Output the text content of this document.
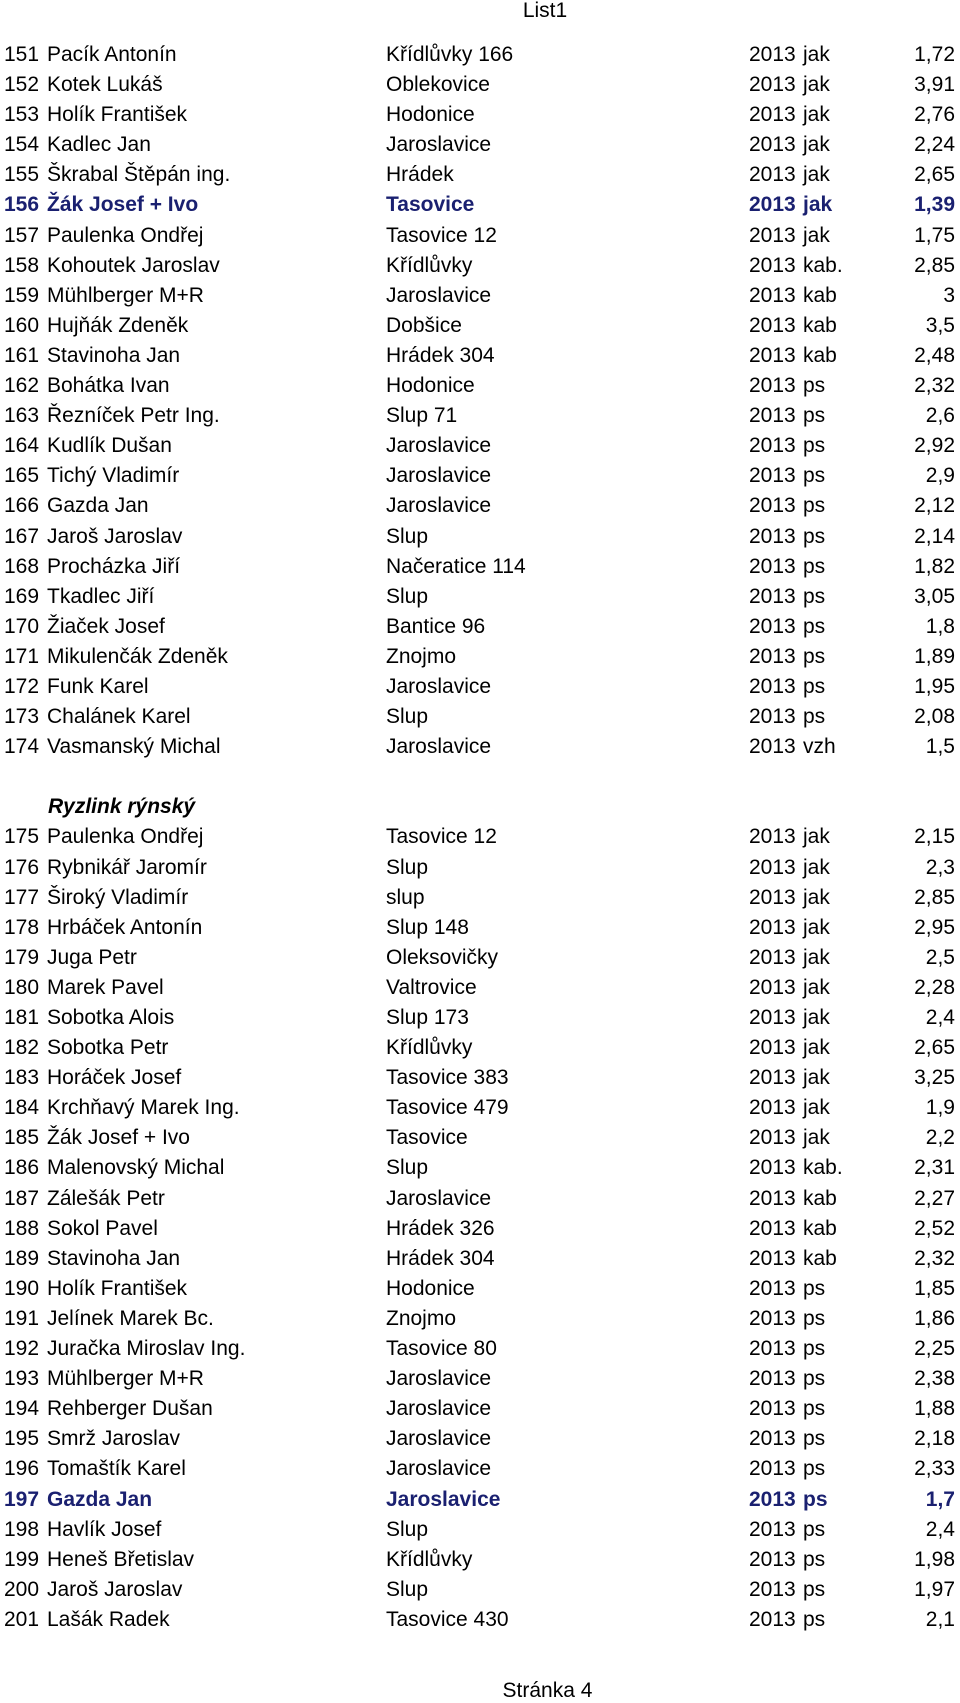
List1
151 Pacík Antonín	Křídlůvky 166	2013 jak	1,72
152 Kotek Lukáš	Oblekovice	2013 jak	3,91
153 Holík František	Hodonice	2013 jak	2,76
154 Kadlec Jan	Jaroslavice	2013 jak	2,24
155 Škrabal Štěpán ing.	Hrádek	2013 jak	2,65
156 Žák Josef + Ivo	Tasovice	2013 jak	1,39
157 Paulenka Ondřej	Tasovice 12	2013 jak	1,75
158 Kohoutek Jaroslav	Křídlůvky	2013 kab.	2,85
159 Mühlberger M+R	Jaroslavice	2013 kab	3
160 Hujňák Zdeněk	Dobšice	2013 kab	3,5
161 Stavinoha Jan	Hrádek 304	2013 kab	2,48
162 Bohátka Ivan	Hodonice	2013 ps	2,32
163 Řezníček Petr Ing.	Slup 71	2013 ps	2,6
164 Kudlík Dušan	Jaroslavice	2013 ps	2,92
165 Tichý Vladimír	Jaroslavice	2013 ps	2,9
166 Gazda Jan	Jaroslavice	2013 ps	2,12
167 Jaroš Jaroslav	Slup	2013 ps	2,14
168 Procházka Jiří	Načeratice 114	2013 ps	1,82
169 Tkadlec Jiří	Slup	2013 ps	3,05
170 Žiaček Josef	Bantice 96	2013 ps	1,8
171 Mikulenčák Zdeněk	Znojmo	2013 ps	1,89
172 Funk Karel	Jaroslavice	2013 ps	1,95
173 Chalánek Karel	Slup	2013 ps	2,08
174 Vasmanský Michal	Jaroslavice	2013 vzh	1,5
Ryzlink rýnský
175 Paulenka Ondřej	Tasovice 12	2013 jak	2,15
176 Rybnikář Jaromír	Slup	2013 jak	2,3
177 Široký Vladimír	slup	2013 jak	2,85
178 Hrbáček Antonín	Slup 148	2013 jak	2,95
179 Juga Petr	Oleksovičky	2013 jak	2,5
180 Marek Pavel	Valtrovice	2013 jak	2,28
181 Sobotka Alois	Slup 173	2013 jak	2,4
182 Sobotka Petr	Křídlůvky	2013 jak	2,65
183 Horáček Josef	Tasovice 383	2013 jak	3,25
184 Krchňavý Marek Ing.	Tasovice 479	2013 jak	1,9
185 Žák Josef + Ivo	Tasovice	2013 jak	2,2
186 Malenovský Michal	Slup	2013 kab.	2,31
187 Zálešák Petr	Jaroslavice	2013 kab	2,27
188 Sokol Pavel	Hrádek 326	2013 kab	2,52
189 Stavinoha Jan	Hrádek 304	2013 kab	2,32
190 Holík František	Hodonice	2013 ps	1,85
191 Jelínek Marek Bc.	Znojmo	2013 ps	1,86
192 Juračka Miroslav Ing.	Tasovice 80	2013 ps	2,25
193 Mühlberger M+R	Jaroslavice	2013 ps	2,38
194 Rehberger Dušan	Jaroslavice	2013 ps	1,88
195 Smrž Jaroslav	Jaroslavice	2013 ps	2,18
196 Tomaštík Karel	Jaroslavice	2013 ps	2,33
197 Gazda Jan	Jaroslavice	2013 ps	1,7
198 Havlík Josef	Slup	2013 ps	2,4
199 Heneš Břetislav	Křídlůvky	2013 ps	1,98
200 Jaroš Jaroslav	Slup	2013 ps	1,97
201 Lašák Radek	Tasovice 430	2013 ps	2,1
Stránka 4
